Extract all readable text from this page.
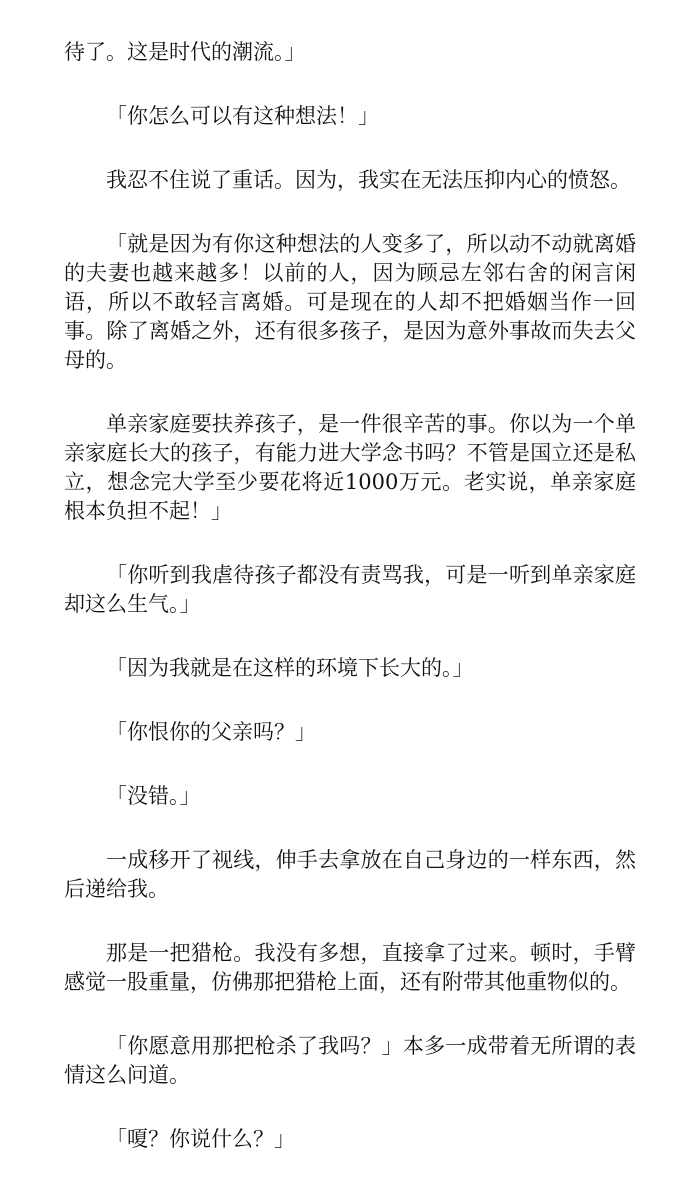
待了。这是时代的潮流。」

「你怎么可以有这种想法！」

我忍不住说了重话。因为，我实在无法压抑内心的愤怒。

「就是因为有你这种想法的人变多了，所以动不动就离婚的夫妻也越来越多！以前的人，因为顾忌左邻右舍的闲言闲语，所以不敢轻言离婚。可是现在的人却不把婚姻当作一回事。除了离婚之外，还有很多孩子，是因为意外事故而失去父母的。

单亲家庭要扶养孩子，是一件很辛苦的事。你以为一个单亲家庭长大的孩子，有能力进大学念书吗？不管是国立还是私立，想念完大学至少要花将近1000万元。老实说，单亲家庭根本负担不起！」

「你听到我虐待孩子都没有责骂我，可是一听到单亲家庭却这么生气。」

「因为我就是在这样的环境下长大的。」

「你恨你的父亲吗？」

「没错。」

一成移开了视线，伸手去拿放在自己身边的一样东西，然后递给我。

那是一把猎枪。我没有多想，直接拿了过来。顿时，手臂感觉一股重量，仿佛那把猎枪上面，还有附带其他重物似的。

「你愿意用那把枪杀了我吗？」本多一成带着无所谓的表情这么问道。

「嗄？你说什么？」
